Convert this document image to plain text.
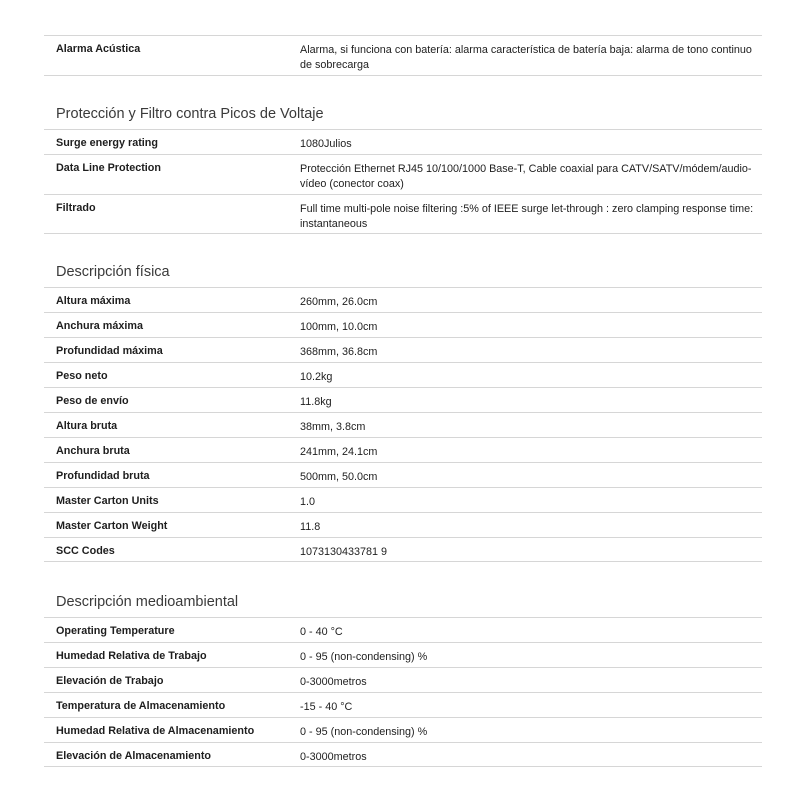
Alarma Acústica	Alarma, si funciona con batería: alarma característica de batería baja: alarma de tono continuo de sobrecarga
Protección y Filtro contra Picos de Voltaje
Surge energy rating	1080Julios
Data Line Protection	Protección Ethernet RJ45 10/100/1000 Base-T, Cable coaxial para CATV/SATV/módem/audio-vídeo (conector coax)
Filtrado	Full time multi-pole noise filtering :5% of IEEE surge let-through : zero clamping response time: instantaneous
Descripción física
Altura máxima	260mm, 26.0cm
Anchura máxima	100mm, 10.0cm
Profundidad máxima	368mm, 36.8cm
Peso neto	10.2kg
Peso de envío	11.8kg
Altura bruta	38mm, 3.8cm
Anchura bruta	241mm, 24.1cm
Profundidad bruta	500mm, 50.0cm
Master Carton Units	1.0
Master Carton Weight	11.8
SCC Codes	1073130433781 9
Descripción medioambiental
Operating Temperature	0 - 40 °C
Humedad Relativa de Trabajo	0 - 95 (non-condensing) %
Elevación de Trabajo	0-3000metros
Temperatura de Almacenamiento	-15 - 40 °C
Humedad Relativa de Almacenamiento	0 - 95 (non-condensing) %
Elevación de Almacenamiento	0-3000metros
